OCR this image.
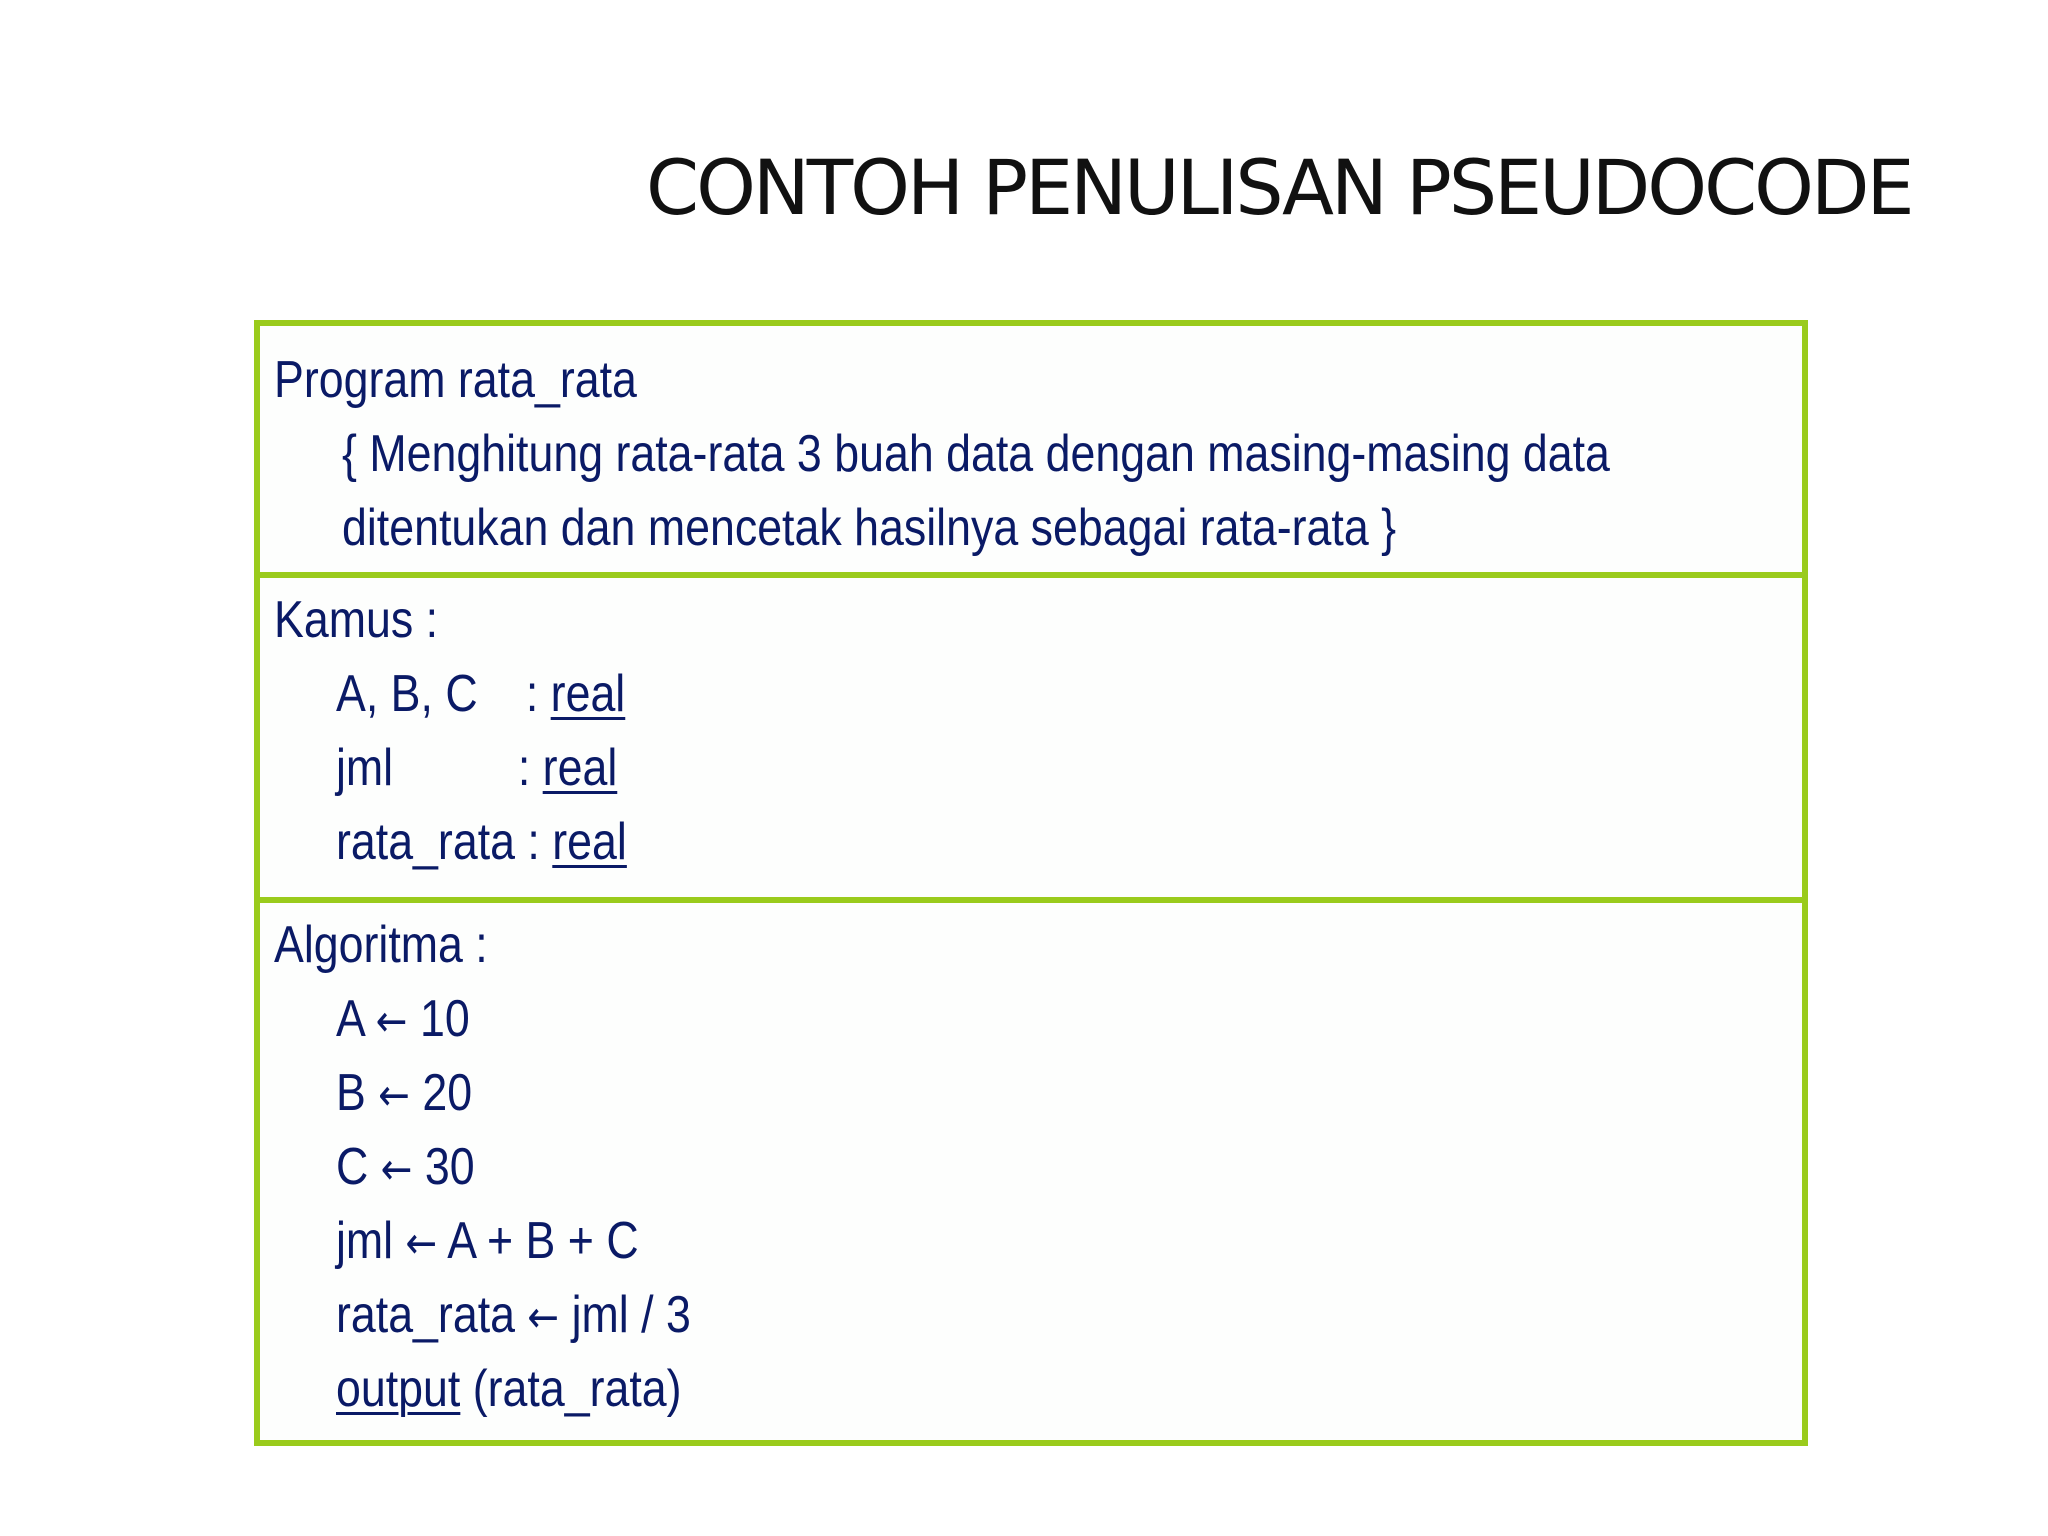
CONTOH PENULISAN PSEUDOCODE
Program rata_rata
{ Menghitung rata-rata 3 buah data dengan masing-masing data
ditentukan dan mencetak hasilnya sebagai rata-rata }
Kamus :
A, B, C : real
jml : real
rata_rata : real
Algoritma :
A ← 10
B ← 20
C ← 30
jml ← A + B + C
rata_rata ← jml / 3
output (rata_rata)
